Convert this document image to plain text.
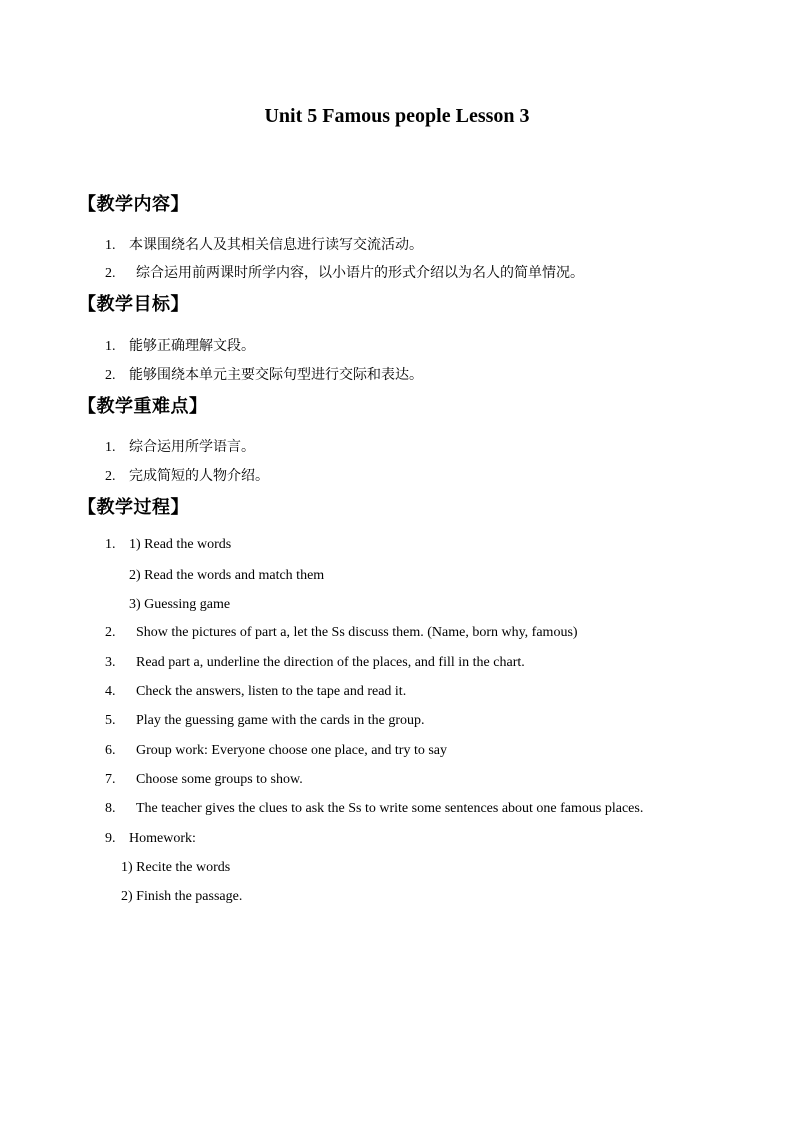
Unit 5 Famous people Lesson 3
【教学内容】
1. 本课围绕名人及其相关信息进行读写交流活动。
2. 综合运用前两课时所学内容，以小语片的形式介绍以为名人的简单情况。
【教学目标】
1. 能够正确理解文段。
2. 能够围绕本单元主要交际句型进行交际和表达。
【教学重难点】
1. 综合运用所学语言。
2. 完成简短的人物介绍。
【教学过程】
1. 1) Read the words
2) Read the words and match them
3) Guessing game
2. Show the pictures of part a, let the Ss discuss them. (Name, born why, famous)
3. Read part a, underline the direction of the places, and fill in the chart.
4. Check the answers, listen to the tape and read it.
5. Play the guessing game with the cards in the group.
6. Group work: Everyone choose one place, and try to say
7. Choose some groups to show.
8. The teacher gives the clues to ask the Ss to write some sentences about one famous places.
9. Homework:
1) Recite the words
2) Finish the passage.
